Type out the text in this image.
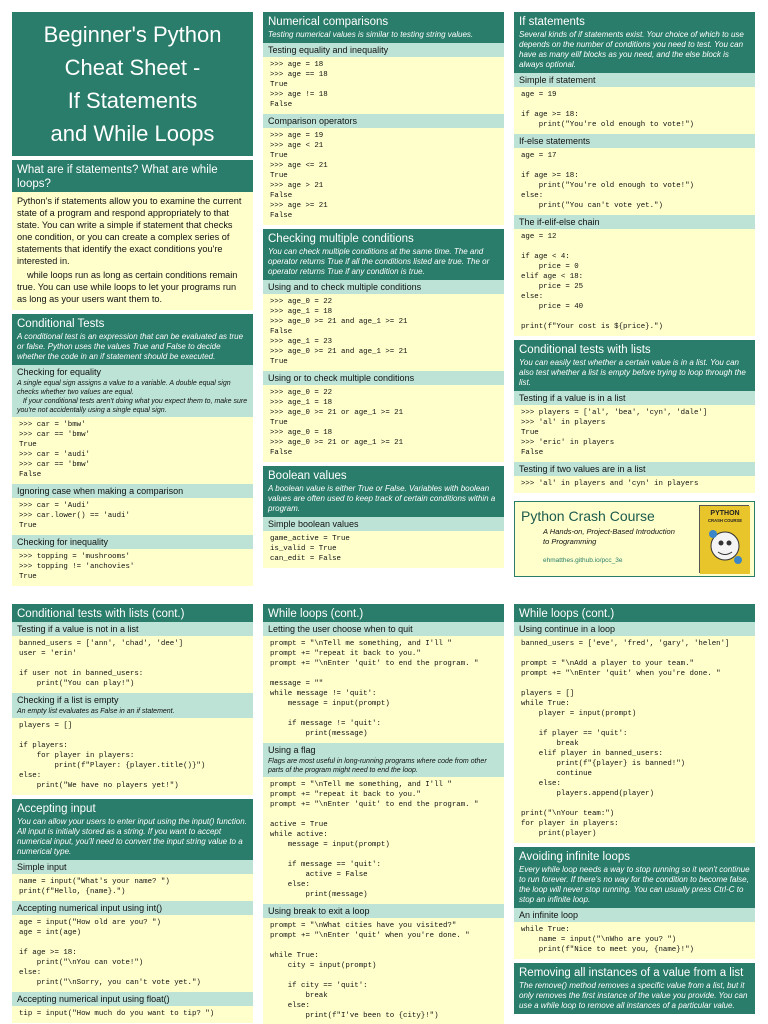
Beginner's Python
Cheat Sheet -
If Statements
and While Loops
What are if statements? What are while loops?

Python's if statements allow you to examine the current state of a program and respond appropriately to that state. You can write a simple if statement that checks one condition, or you can create a complex series of statements that identify the exact conditions you're interested in.

while loops run as long as certain conditions remain true. You can use while loops to let your programs run as long as your users want them to.

Conditional Tests
A conditional test is an expression that can be evaluated as true or false. Python uses the values True and False to decide whether the code in an if statement should be executed.
Checking for equality
A single equal sign assigns a value to a variable. A double equal sign checks whether two values are equal.
If your conditional tests aren't doing what you expect them to, make sure you're not accidentally using a single equal sign.
>>> car = 'bmw'
>>> car == 'bmw'
True
>>> car = 'audi'
>>> car == 'bmw'
False
Ignoring case when making a comparison
>>> car = 'Audi'
>>> car.lower() == 'audi'
True
Checking for inequality
>>> topping = 'mushrooms'
>>> topping != 'anchovies'
True
Numerical comparisons
Testing numerical values is similar to testing string values.
Testing equality and inequality
>>> age = 18
>>> age == 18
True
>>> age != 18
False
Comparison operators
>>> age = 19
>>> age < 21
True
>>> age <= 21
True
>>> age > 21
False
>>> age >= 21
False
Checking multiple conditions
You can check multiple conditions at the same time. The and operator returns True if all the conditions listed are true. The or operator returns True if any condition is true.
Using and to check multiple conditions
>>> age_0 = 22
>>> age_1 = 18
>>> age_0 >= 21 and age_1 >= 21
False
>>> age_1 = 23
>>> age_0 >= 21 and age_1 >= 21
True
Using or to check multiple conditions
>>> age_0 = 22
>>> age_1 = 18
>>> age_0 >= 21 or age_1 >= 21
True
>>> age_0 = 18
>>> age_0 >= 21 or age_1 >= 21
False
Boolean values
A boolean value is either True or False. Variables with boolean values are often used to keep track of certain conditions within a program.
Simple boolean values
game_active = True
is_valid = True
can_edit = False
If statements
Several kinds of if statements exist. Your choice of which to use depends on the number of conditions you need to test. You can have as many elif blocks as you need, and the else block is always optional.
Simple if statement
age = 19

if age >= 18:
print("You're old enough to vote!")
If-else statements
age = 17

if age >= 18:
print("You're old enough to vote!")
else:
print("You can't vote yet.")
The if-elif-else chain
age = 12

if age < 4:
price = 0
elif age < 18:
price = 25
else:
price = 40

print(f"Your cost is ${price}.")
Conditional tests with lists
You can easily test whether a certain value is in a list. You can also test whether a list is empty before trying to loop through the list.
Testing if a value is in a list
>>> players = ['al', 'bea', 'cyn', 'dale']
>>> 'al' in players
True
>>> 'eric' in players
False
Testing if two values are in a list
>>> 'al' in players and 'cyn' in players
Python Crash Course
A Hands-on, Project-Based Introduction to Programming
ehmatthes.github.io/pcc_3e
PYTHON
CRASH COURSE
Conditional tests with lists (cont.)
Testing if a value is not in a list
banned_users = ['ann', 'chad', 'dee']
user = 'erin'

if user not in banned_users:
print("You can play!")
Checking if a list is empty
An empty list evaluates as False in an if statement.
players = []

if players:
for player in players:
print(f"Player: {player.title()}")
else:
print("We have no players yet!")
Accepting input
You can allow your users to enter input using the input() function. All input is initially stored as a string. If you want to accept numerical input, you'll need to convert the input string value to a numerical type.
Simple input
name = input("What's your name? ")
print(f"Hello, {name}.")
Accepting numerical input using int()
age = input("How old are you? ")
age = int(age)

if age >= 18:
print("\nYou can vote!")
else:
print("\nSorry, you can't vote yet.")
Accepting numerical input using float()
tip = input("How much do you want to tip? ")
While loops (cont.)
Letting the user choose when to quit
prompt = "\nTell me something, and I'll "
prompt += "repeat it back to you."
prompt += "\nEnter 'quit' to end the program. "

message = ""
while message != 'quit':
message = input(prompt)

if message != 'quit':
print(message)
Using a flag
Flags are most useful in long-running programs where code from other parts of the program might need to end the loop.
prompt = "\nTell me something, and I'll "
prompt += "repeat it back to you."
prompt += "\nEnter 'quit' to end the program. "

active = True
while active:
message = input(prompt)

if message == 'quit':
active = False
else:
print(message)
Using break to exit a loop
prompt = "\nWhat cities have you visited?"
prompt += "\nEnter 'quit' when you're done. "

while True:
city = input(prompt)

if city == 'quit':
break
else:
print(f"I've been to {city}!")
While loops (cont.)
Using continue in a loop
banned_users = ['eve', 'fred', 'gary', 'helen']

prompt = "\nAdd a player to your team."
prompt += "\nEnter 'quit' when you're done. "

players = []
while True:
player = input(prompt)

if player == 'quit':
break
elif player in banned_users:
print(f"{player} is banned!")
continue
else:
players.append(player)

print("\nYour team:")
for player in players:
print(player)
Avoiding infinite loops
Every while loop needs a way to stop running so it won't continue to run forever. If there's no way for the condition to become false, the loop will never stop running. You can usually press Ctrl-C to stop an infinite loop.
An infinite loop
while True:
name = input("\nWho are you? ")
print(f"Nice to meet you, {name}!")
Removing all instances of a value from a list
The remove() method removes a specific value from a list, but it only removes the first instance of the value you provide. You can use a while loop to remove all instances of a particular value.
